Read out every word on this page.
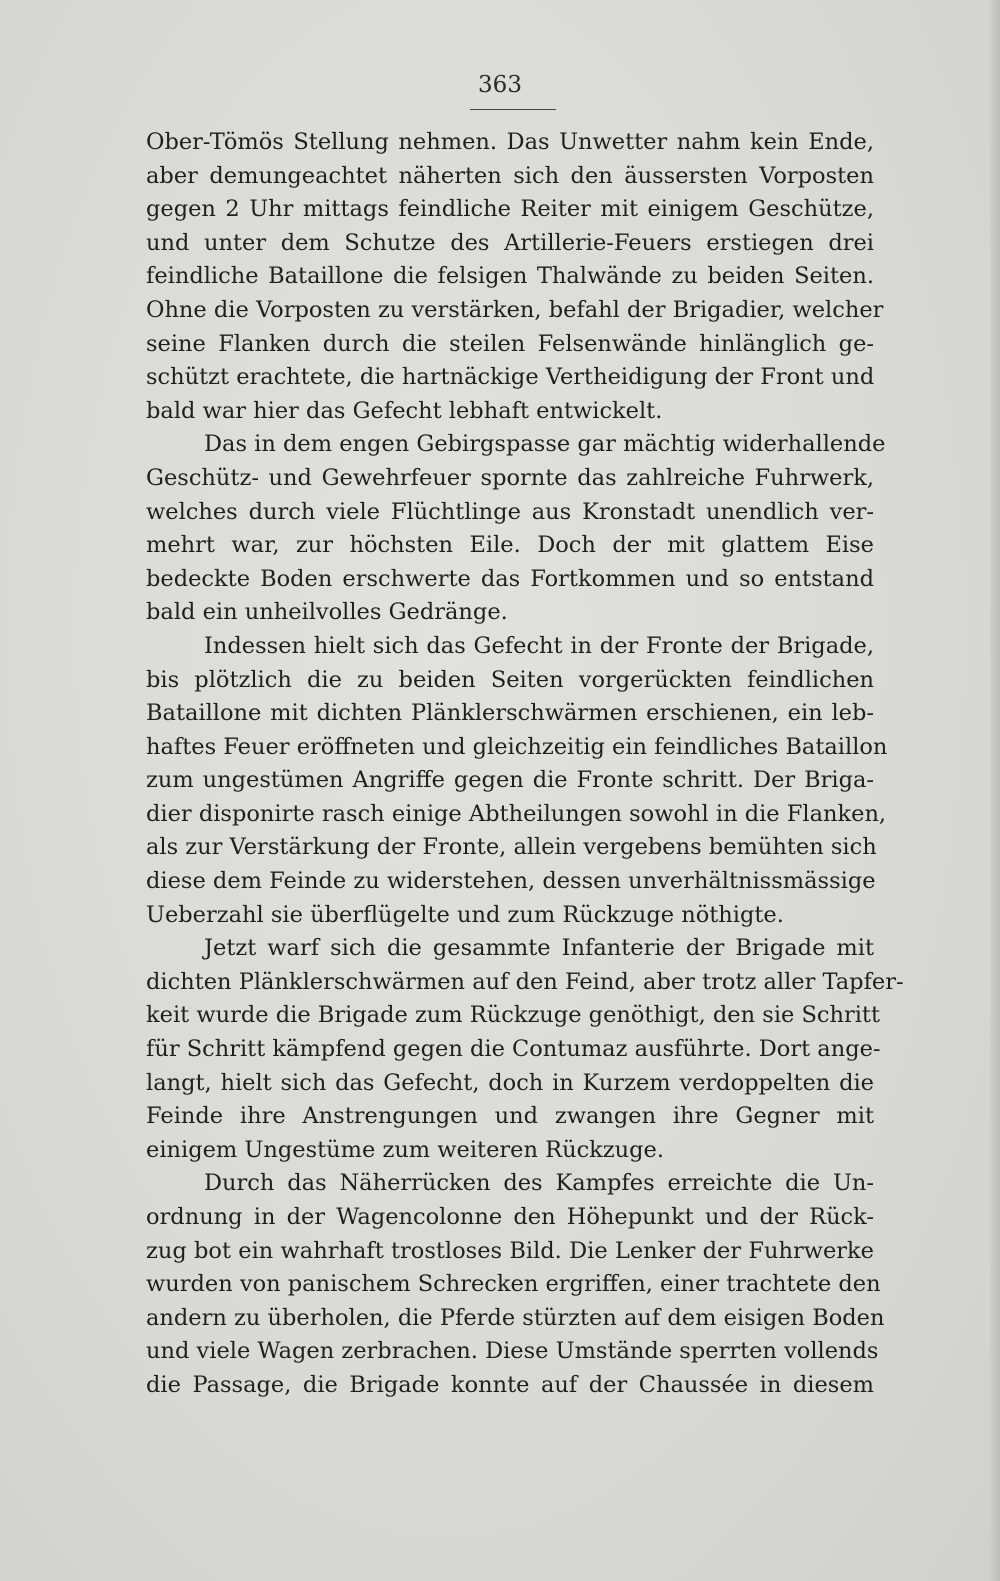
363
Ober-Tömös Stellung nehmen. Das Unwetter nahm kein Ende,
aber demungeachtet näherten sich den äussersten Vorposten
gegen 2 Uhr mittags feindliche Reiter mit einigem Geschütze,
und unter dem Schutze des Artillerie-Feuers erstiegen drei
feindliche Bataillone die felsigen Thalwände zu beiden Seiten.
Ohne die Vorposten zu verstärken, befahl der Brigadier, welcher
seine Flanken durch die steilen Felsenwände hinlänglich ge-
schützt erachtete, die hartnäckige Vertheidigung der Front und
bald war hier das Gefecht lebhaft entwickelt.
Das in dem engen Gebirgspasse gar mächtig widerhallende
Geschütz- und Gewehrfeuer spornte das zahlreiche Fuhrwerk,
welches durch viele Flüchtlinge aus Kronstadt unendlich ver-
mehrt war, zur höchsten Eile. Doch der mit glattem Eise
bedeckte Boden erschwerte das Fortkommen und so entstand
bald ein unheilvolles Gedränge.
Indessen hielt sich das Gefecht in der Fronte der Brigade,
bis plötzlich die zu beiden Seiten vorgerückten feindlichen
Bataillone mit dichten Plänklerschwärmen erschienen, ein leb-
haftes Feuer eröffneten und gleichzeitig ein feindliches Bataillon
zum ungestümen Angriffe gegen die Fronte schritt. Der Briga-
dier disponirte rasch einige Abtheilungen sowohl in die Flanken,
als zur Verstärkung der Fronte, allein vergebens bemühten sich
diese dem Feinde zu widerstehen, dessen unverhältnissmässige
Ueberzahl sie überflügelte und zum Rückzuge nöthigte.
Jetzt warf sich die gesammte Infanterie der Brigade mit
dichten Plänklerschwärmen auf den Feind, aber trotz aller Tapfer-
keit wurde die Brigade zum Rückzuge genöthigt, den sie Schritt
für Schritt kämpfend gegen die Contumaz ausführte. Dort ange-
langt, hielt sich das Gefecht, doch in Kurzem verdoppelten die
Feinde ihre Anstrengungen und zwangen ihre Gegner mit
einigem Ungestüme zum weiteren Rückzuge.
Durch das Näherrücken des Kampfes erreichte die Un-
ordnung in der Wagencolonne den Höhepunkt und der Rück-
zug bot ein wahrhaft trostloses Bild. Die Lenker der Fuhrwerke
wurden von panischem Schrecken ergriffen, einer trachtete den
andern zu überholen, die Pferde stürzten auf dem eisigen Boden
und viele Wagen zerbrachen. Diese Umstände sperrten vollends
die Passage, die Brigade konnte auf der Chaussée in diesem
